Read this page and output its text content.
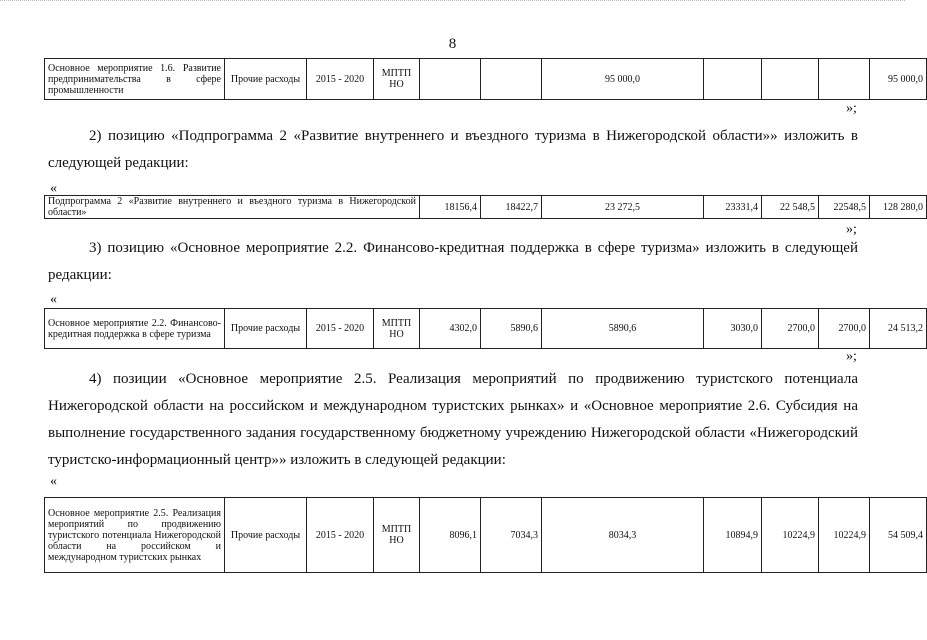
8
Основное мероприятие 1.6. Развитие предпринимательства в сфере промышленности	Прочие расходы	2015 - 2020	МПТП НО			95 000,0				95 000,0
»;
2) позицию «Подпрограмма 2 «Развитие внутреннего и въездного туризма в Нижегородской области»» изложить в следующей редакции:
«
Подпрограмма 2 «Развитие внутреннего и въездного туризма в Нижегородской области»	18156,4	18422,7	23 272,5	23331,4	22 548,5	22548,5	128 280,0
»;
3) позицию «Основное мероприятие 2.2. Финансово-кредитная поддержка в сфере туризма» изложить в следующей редакции:
«
Основное мероприятие 2.2. Финансово-кредитная поддержка в сфере туризма	Прочие расходы	2015 - 2020	МПТП НО	4302,0	5890,6	5890,6	3030,0	2700,0	2700,0	24 513,2
»;
4) позиции «Основное мероприятие 2.5. Реализация мероприятий по продвижению туристского потенциала Нижегородской области на российском и международном туристских рынках» и «Основное мероприятие 2.6. Субсидия на выполнение государственного задания государственному бюджетному учреждению Нижегородской области «Нижегородский туристско-информационный центр»» изложить в следующей редакции:
«
Основное мероприятие 2.5. Реализация мероприятий по продвижению туристского потенциала Нижегородской области на российском и международном туристских рынках	Прочие расходы	2015 - 2020	МПТП НО	8096,1	7034,3	8034,3	10894,9	10224,9	10224,9	54 509,4
